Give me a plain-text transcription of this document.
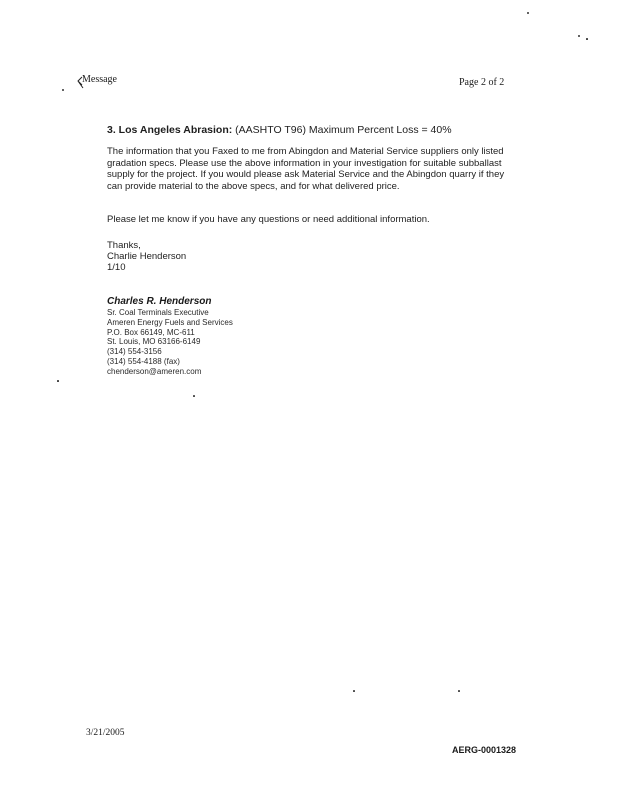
Message	Page 2 of 2
3. Los Angeles Abrasion: (AASHTO T96) Maximum Percent Loss = 40%
The information that you Faxed to me from Abingdon and Material Service suppliers only listed gradation specs. Please use the above information in your investigation for suitable subballast supply for the project. If you would please ask Material Service and the Abingdon quarry if they can provide material to the above specs, and for what delivered price.
Please let me know if you have any questions or need additional information.
Thanks,
Charlie Henderson
1/10
Charles R. Henderson
Sr. Coal Terminals Executive
Ameren Energy Fuels and Services
P.O. Box 66149, MC-611
St. Louis, MO 63166-6149
(314) 554-3156
(314) 554-4188 (fax)
chenderson@ameren.com
3/21/2005
AERG-0001328
